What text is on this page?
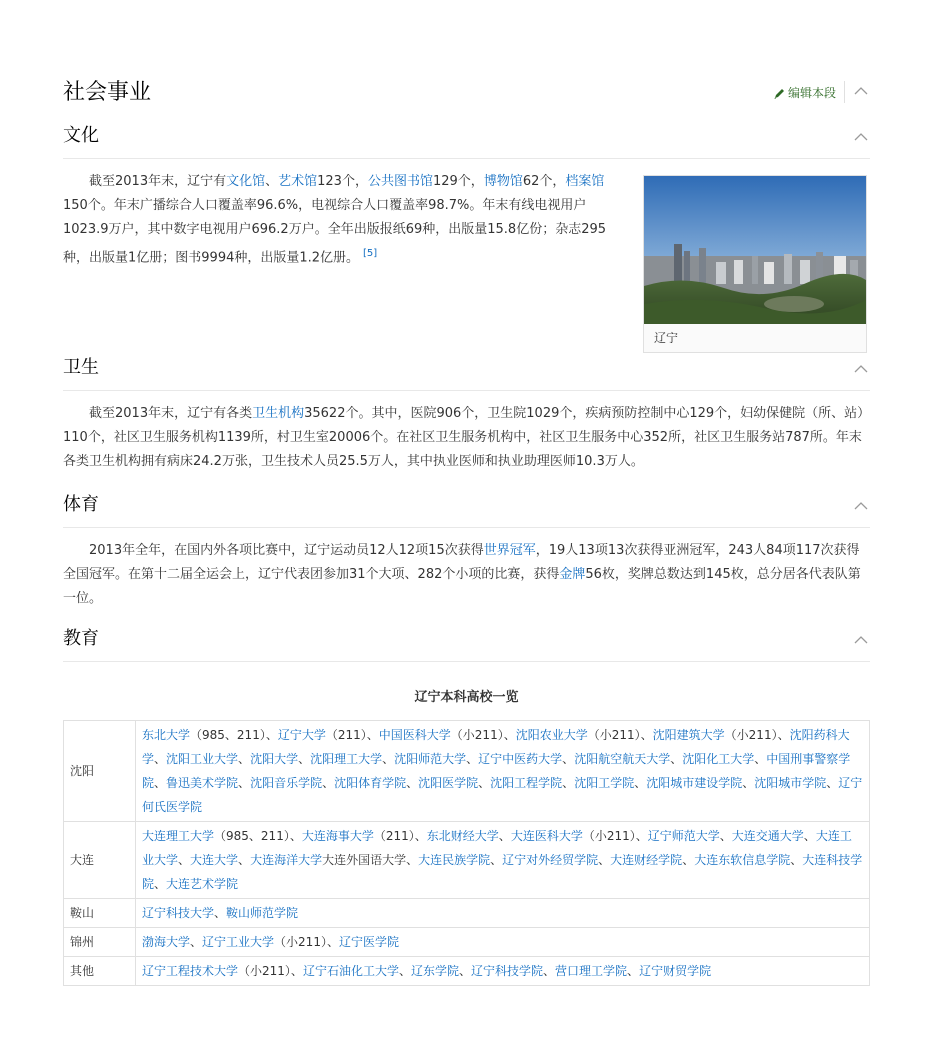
社会事业	编辑本段
文化

截至2013年末，辽宁有文化馆、艺术馆123个，公共图书馆129个，博物馆62个，档案馆150个。年末广播综合人口覆盖率96.6%，电视综合人口覆盖率98.7%。年末有线电视用户1023.9万户，其中数字电视用户696.2万户。全年出版报纸69种，出版量15.8亿份；杂志295种，出版量1亿册；图书9994种，出版量1.2亿册。 [5]

辽宁
卫生

截至2013年末，辽宁有各类卫生机构35622个。其中，医院906个，卫生院1029个，疾病预防控制中心129个，妇幼保健院（所、站）110个，社区卫生服务机构1139所，村卫生室20006个。在社区卫生服务机构中，社区卫生服务中心352所，社区卫生服务站787所。年末各类卫生机构拥有病床24.2万张，卫生技术人员25.5万人，其中执业医师和执业助理医师10.3万人。

体育

2013年全年，在国内外各项比赛中，辽宁运动员12人12项15次获得世界冠军，19人13项13次获得亚洲冠军，243人84项117次获得全国冠军。在第十二届全运会上，辽宁代表团参加31个大项、282个小项的比赛，获得金牌56枚，奖牌总数达到145枚，总分居各代表队第一位。

教育
辽宁本科高校一览
沈阳	东北大学（985、211）、辽宁大学（211）、中国医科大学（小211）、沈阳农业大学（小211）、沈阳建筑大学（小211）、沈阳药科大学、沈阳工业大学、沈阳大学、沈阳理工大学、沈阳师范大学、辽宁中医药大学、沈阳航空航天大学、沈阳化工大学、中国刑事警察学院、鲁迅美术学院、沈阳音乐学院、沈阳体育学院、沈阳医学院、沈阳工程学院、沈阳工学院、沈阳城市建设学院、沈阳城市学院、辽宁何氏医学院
大连	大连理工大学（985、211）、大连海事大学（211）、东北财经大学、大连医科大学（小211）、辽宁师范大学、大连交通大学、大连工业大学、大连大学、大连海洋大学大连外国语大学、大连民族学院、辽宁对外经贸学院、大连财经学院、大连东软信息学院、大连科技学院、大连艺术学院
鞍山	辽宁科技大学、鞍山师范学院
锦州	渤海大学、辽宁工业大学（小211）、辽宁医学院
其他	辽宁工程技术大学（小211）、辽宁石油化工大学、辽东学院、辽宁科技学院、营口理工学院、辽宁财贸学院
